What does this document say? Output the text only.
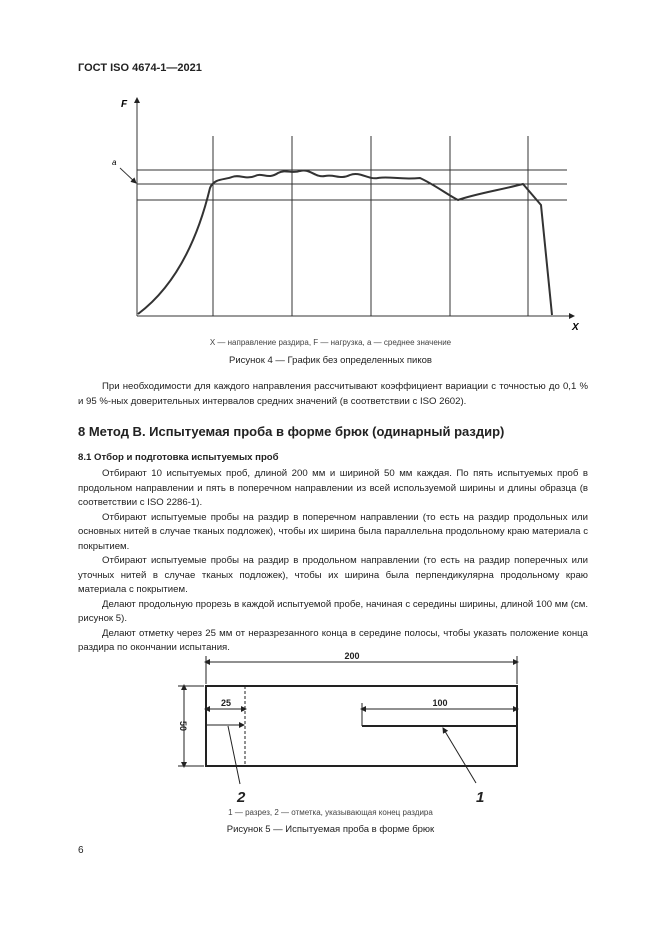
ГОСТ ISO 4674-1—2021
F
a
X
200
25	100
50
2	1
X — направление раздира, F — нагрузка, a — среднее значение
Рисунок 4 — График без определенных пиков

При необходимости для каждого направления рассчитывают коэффициент вариации с точностью до 0,1 % и 95 %-ных доверительных интервалов средних значений (в соответствии с ISO 2602).

8 Метод В. Испытуемая проба в форме брюк (одинарный раздир)
8.1 Отбор и подготовка испытуемых проб

Отбирают 10 испытуемых проб, длиной 200 мм и шириной 50 мм каждая. По пять испытуемых проб в продольном направлении и пять в поперечном направлении из всей используемой ширины и длины образца (в соответствии с ISO 2286-1).

Отбирают испытуемые пробы на раздир в поперечном направлении (то есть на раздир продольных или основных нитей в случае тканых подложек), чтобы их ширина была параллельна продольному краю материала с покрытием.

Отбирают испытуемые пробы на раздир в продольном направлении (то есть на раздир поперечных или уточных нитей в случае тканых подложек), чтобы их ширина была перпендикулярна продольному краю материала с покрытием.

Делают продольную прорезь в каждой испытуемой пробе, начиная с середины ширины, длиной 100 мм (см. рисунок 5).

Делают отметку через 25 мм от неразрезанного конца в середине полосы, чтобы указать положение конца раздира по окончании испытания.

1 — разрез, 2 — отметка, указывающая конец раздира
Рисунок 5 — Испытуемая проба в форме брюк
6
